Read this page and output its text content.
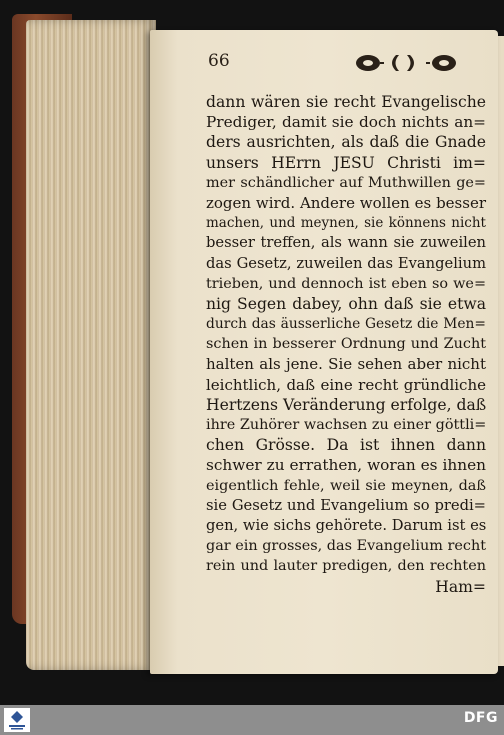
66
dann wären sie recht Evangelische
Prediger, damit sie doch nichts an=
ders ausrichten, als daß die Gnade
unsers HErrn JESU Christi im=
mer schändlicher auf Muthwillen ge=
zogen wird. Andere wollen es besser
machen, und meynen, sie könnens nicht
besser treffen, als wann sie zuweilen
das Gesetz, zuweilen das Evangelium
trieben, und dennoch ist eben so we=
nig Segen dabey, ohn daß sie etwa
durch das äusserliche Gesetz die Men=
schen in besserer Ordnung und Zucht
halten als jene. Sie sehen aber nicht
leichtlich, daß eine recht gründliche
Hertzens Veränderung erfolge, daß
ihre Zuhörer wachsen zu einer göttli=
chen Grösse. Da ist ihnen dann
schwer zu errathen, woran es ihnen
eigentlich fehle, weil sie meynen, daß
sie Gesetz und Evangelium so predi=
gen, wie sichs gehörete. Darum ist es
gar ein grosses, das Evangelium recht
rein und lauter predigen, den rechten
Ham=
DFG
